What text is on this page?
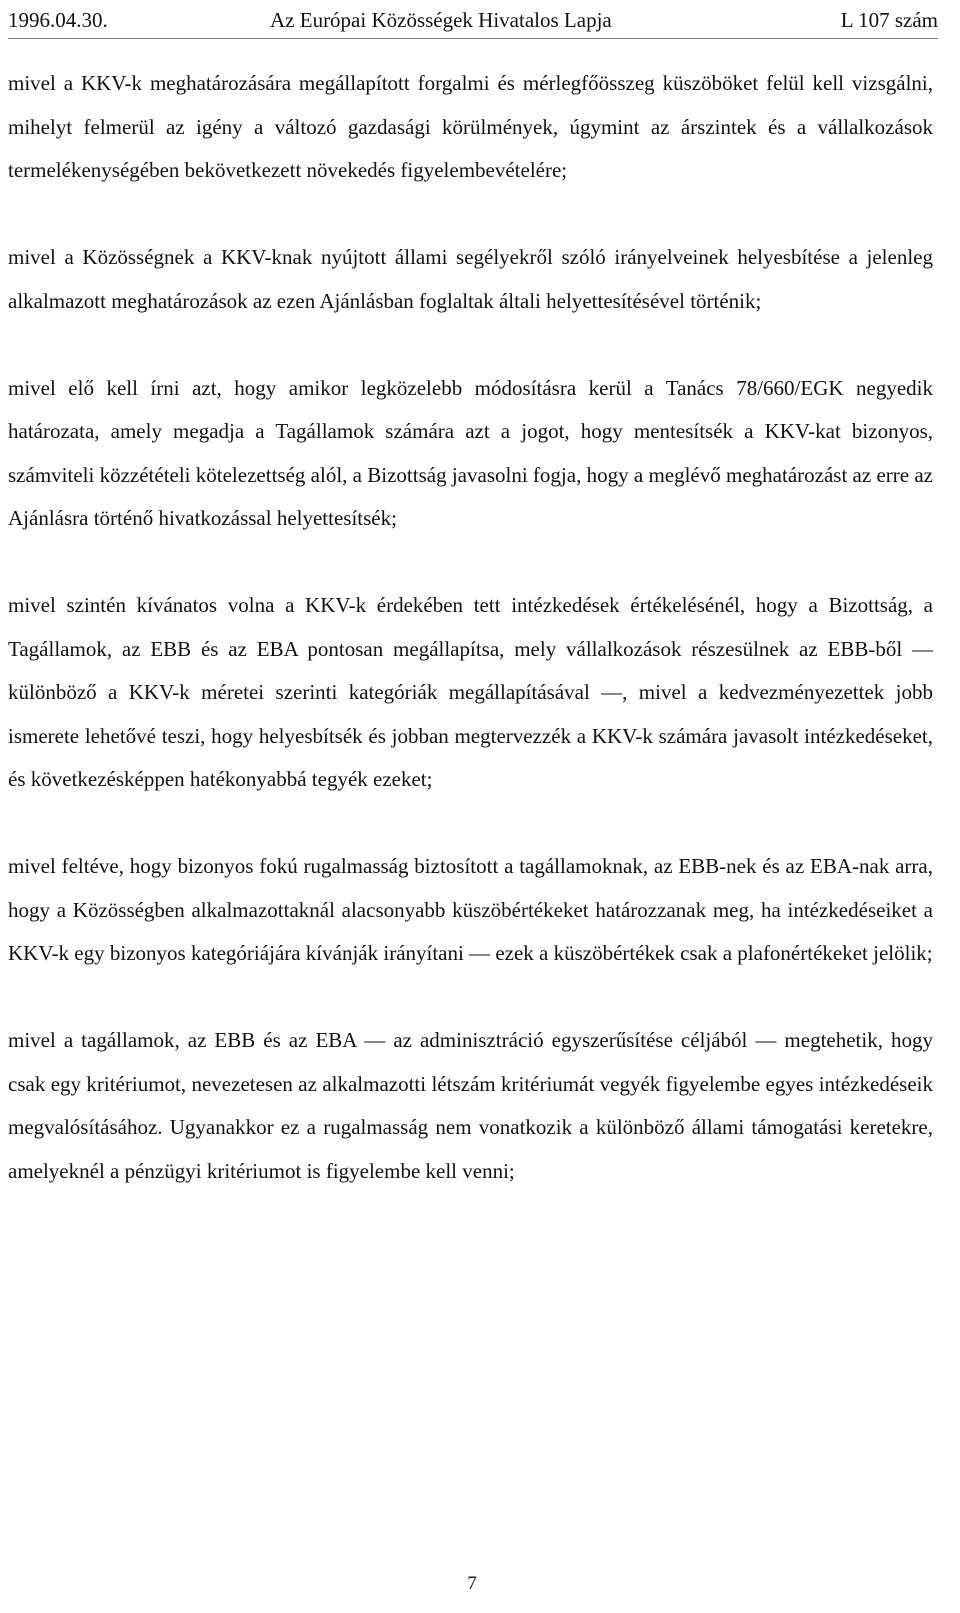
1996.04.30.	Az Európai Közösségek Hivatalos Lapja	L 107 szám

mivel a KKV-k meghatározására megállapított forgalmi és mérlegfőösszeg küszöböket felül kell vizsgálni, mihelyt felmerül az igény a változó gazdasági körülmények, úgymint az árszintek és a vállalkozások termelékenységében bekövetkezett növekedés figyelembevételére;

mivel a Közösségnek a KKV-knak nyújtott állami segélyekről szóló irányelveinek helyesbítése a jelenleg alkalmazott meghatározások az ezen Ajánlásban foglaltak általi helyettesítésével történik;

mivel elő kell írni azt, hogy amikor legközelebb módosításra kerül a Tanács 78/660/EGK negyedik határozata, amely megadja a Tagállamok számára azt a jogot, hogy mentesítsék a KKV-kat bizonyos, számviteli közzétételi kötelezettség alól, a Bizottság javasolni fogja, hogy a meglévő meghatározást az erre az Ajánlásra történő hivatkozással helyettesítsék;

mivel szintén kívánatos volna a KKV-k érdekében tett intézkedések értékelésénél, hogy a Bizottság, a Tagállamok, az EBB és az EBA pontosan megállapítsa, mely vállalkozások részesülnek az EBB-ből — különböző a KKV-k méretei szerinti kategóriák megállapításával —, mivel a kedvezményezettek jobb ismerete lehetővé teszi, hogy helyesbítsék és jobban megtervezzék a KKV-k számára javasolt intézkedéseket, és következésképpen hatékonyabbá tegyék ezeket;

mivel feltéve, hogy bizonyos fokú rugalmasság biztosított a tagállamoknak, az EBB-nek és az EBA-nak arra, hogy a Közösségben alkalmazottaknál alacsonyabb küszöbértékeket határozzanak meg, ha intézkedéseiket a KKV-k egy bizonyos kategóriájára kívánják irányítani — ezek a küszöbértékek csak a plafonértékeket jelölik;

mivel a tagállamok, az EBB és az EBA — az adminisztráció egyszerűsítése céljából — megtehetik, hogy csak egy kritériumot, nevezetesen az alkalmazotti létszám kritériumát vegyék figyelembe egyes intézkedéseik megvalósításához. Ugyanakkor ez a rugalmasság nem vonatkozik a különböző állami támogatási keretekre, amelyeknél a pénzügyi kritériumot is figyelembe kell venni;

7
